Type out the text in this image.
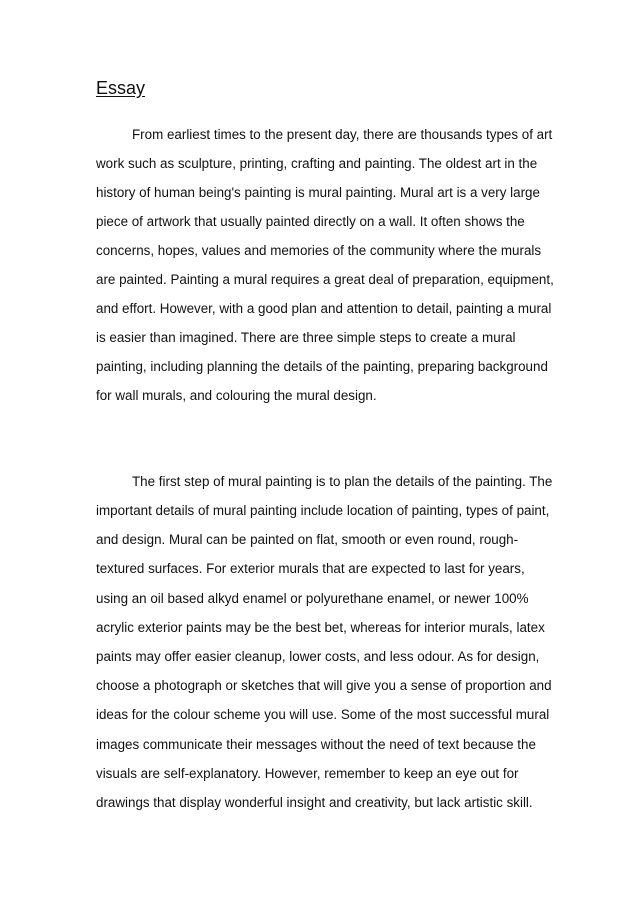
Essay

From earliest times to the present day, there are thousands types of art

work such as sculpture, printing, crafting and painting. The oldest art in the

history of human being's painting is mural painting. Mural art is a very large

piece of artwork that usually painted directly on a wall. It often shows the

concerns, hopes, values and memories of the community where the murals

are painted. Painting a mural requires a great deal of preparation, equipment,

and effort. However, with a good plan and attention to detail, painting a mural

is easier than imagined. There are three simple steps to create a mural

painting, including planning the details of the painting, preparing background

for wall murals, and colouring the mural design.

The first step of mural painting is to plan the details of the painting. The

important details of mural painting include location of painting, types of paint,

and design. Mural can be painted on flat, smooth or even round, rough-

textured surfaces. For exterior murals that are expected to last for years,

using an oil based alkyd enamel or polyurethane enamel, or newer 100%

acrylic exterior paints may be the best bet, whereas for interior murals, latex

paints may offer easier cleanup, lower costs, and less odour. As for design,

choose a photograph or sketches that will give you a sense of proportion and

ideas for the colour scheme you will use. Some of the most successful mural

images communicate their messages without the need of text because the

visuals are self-explanatory. However, remember to keep an eye out for

drawings that display wonderful insight and creativity, but lack artistic skill.
